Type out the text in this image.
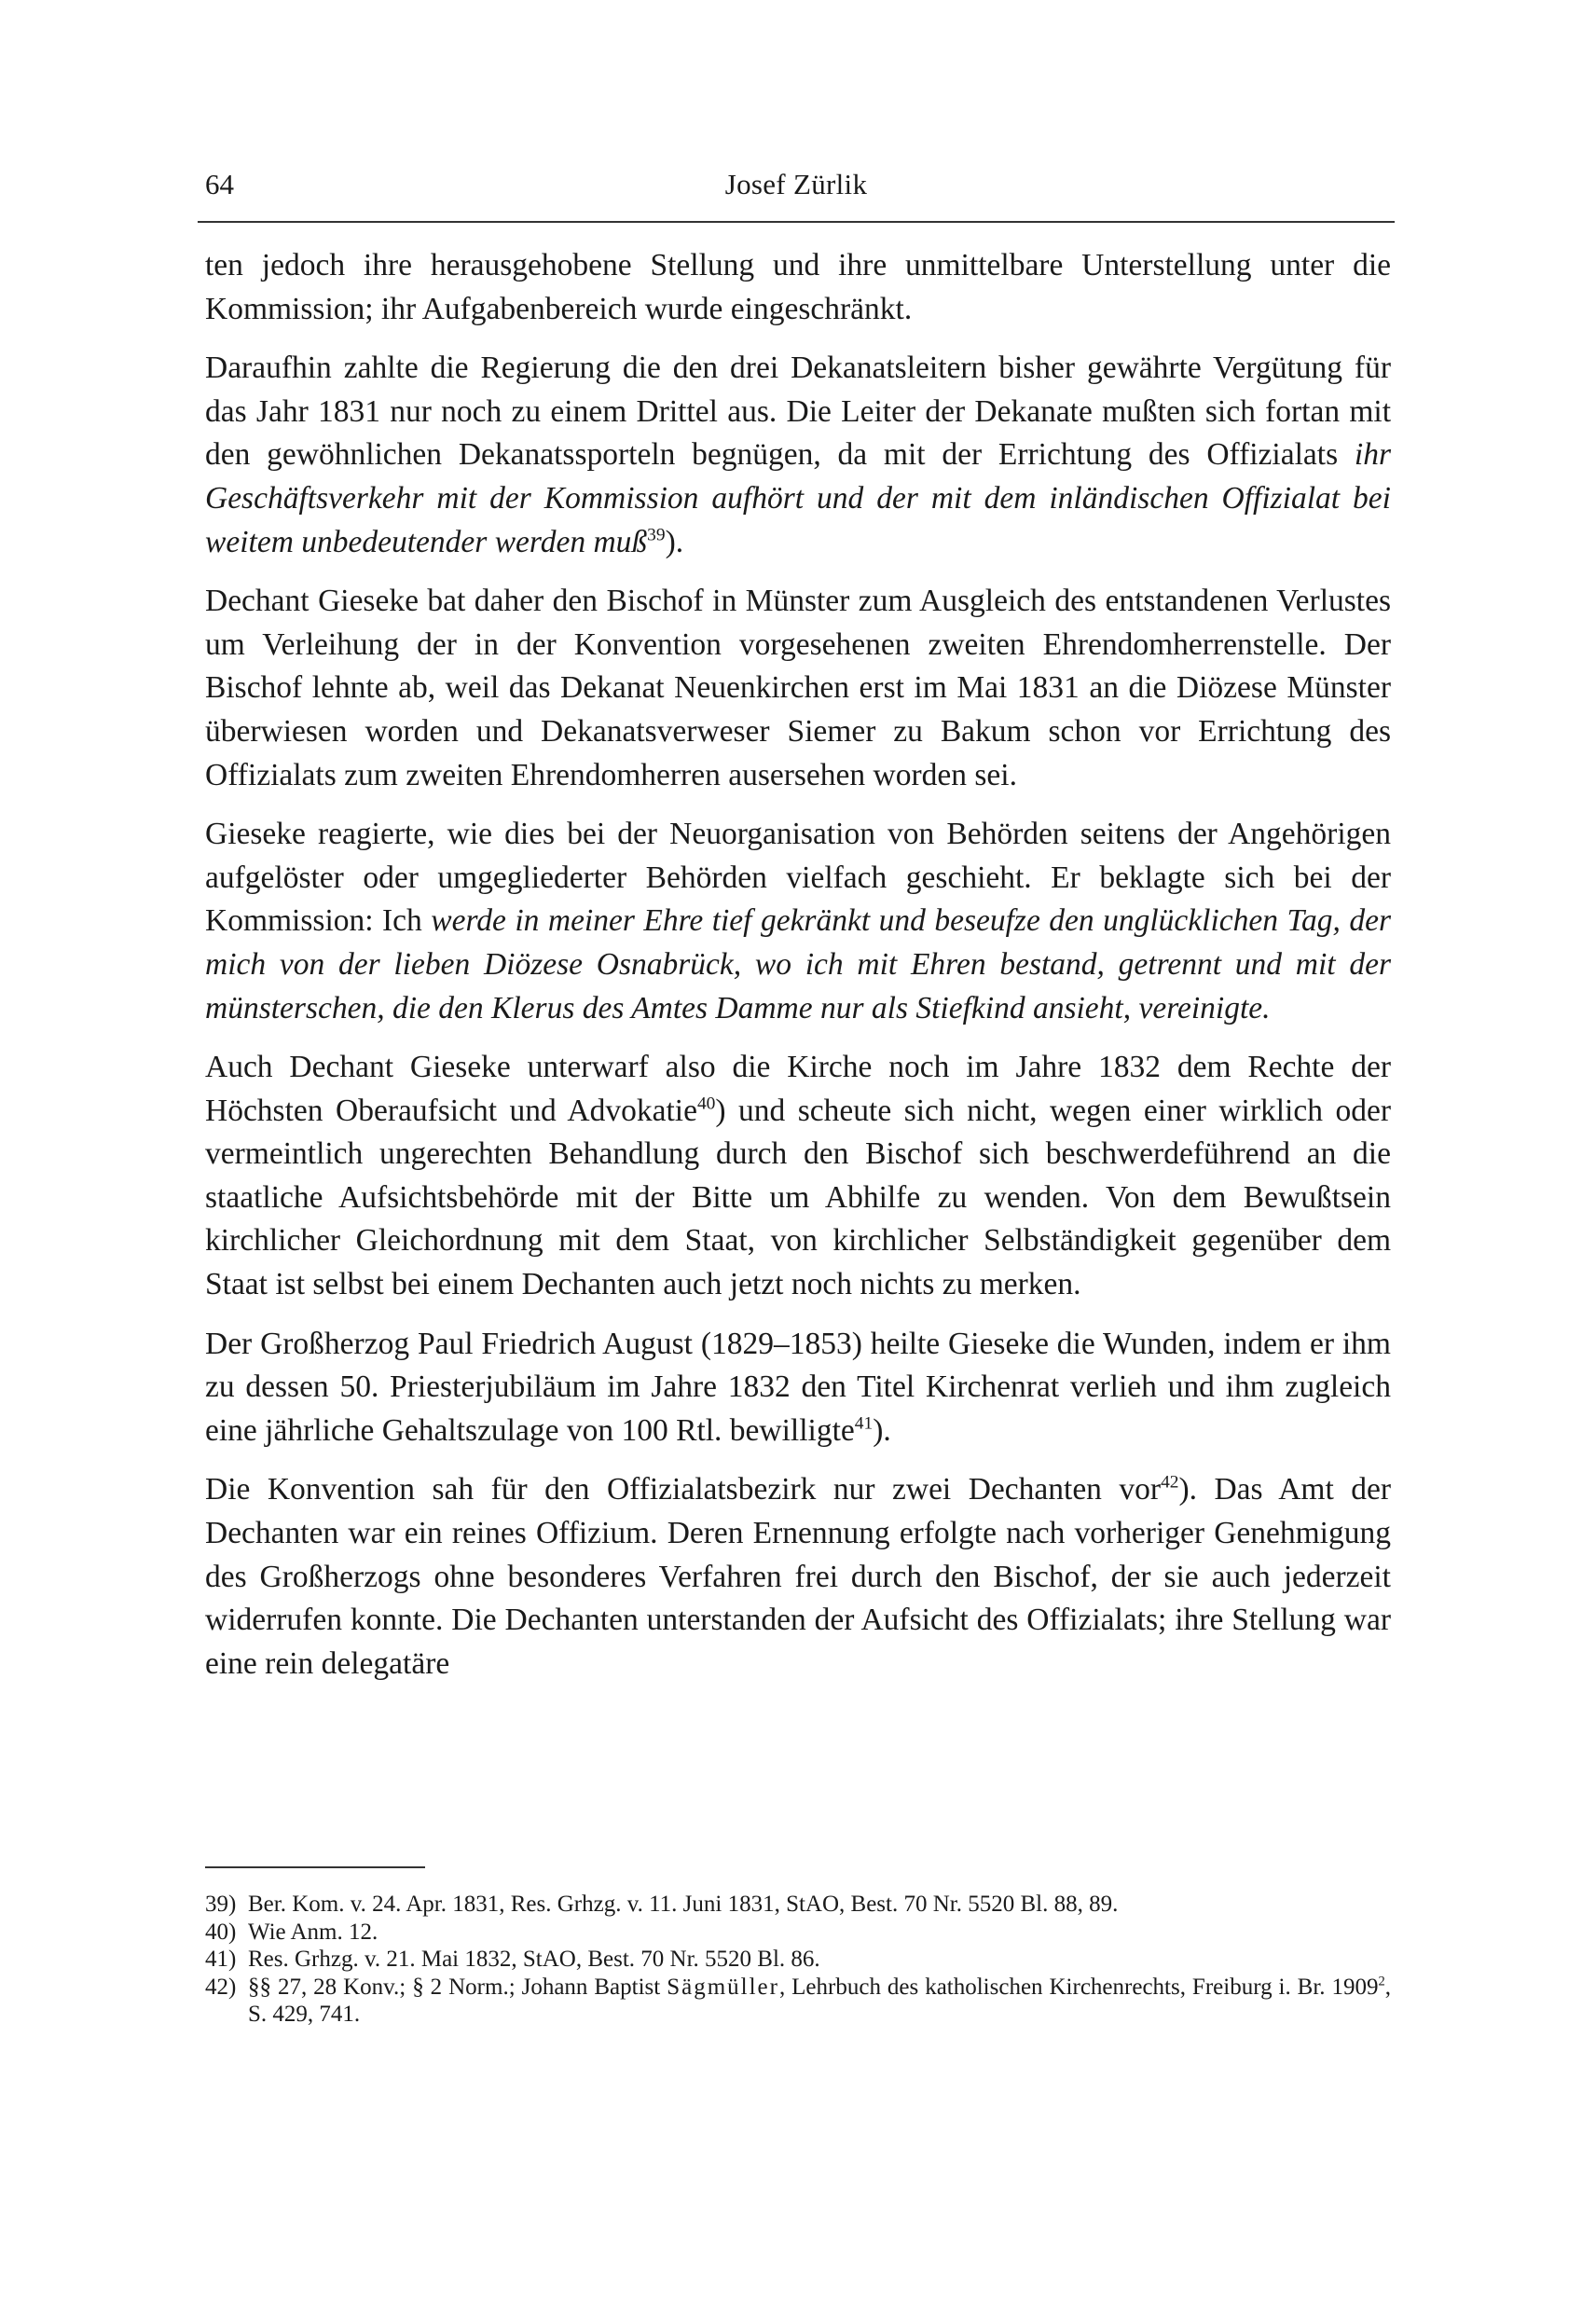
64	Josef Zürlik

ten jedoch ihre herausgehobene Stellung und ihre unmittelbare Unterstellung unter die Kommission; ihr Aufgabenbereich wurde eingeschränkt.

Daraufhin zahlte die Regierung die den drei Dekanatsleitern bisher gewährte Vergütung für das Jahr 1831 nur noch zu einem Drittel aus. Die Leiter der Dekanate mußten sich fortan mit den gewöhnlichen Dekanatssporteln begnügen, da mit der Errichtung des Offizialats ihr Geschäftsverkehr mit der Kommission aufhört und der mit dem inländischen Offizialat bei weitem unbedeutender werden muß$^{39}$).

Dechant Gieseke bat daher den Bischof in Münster zum Ausgleich des entstandenen Verlustes um Verleihung der in der Konvention vorgesehenen zweiten Ehrendomherrenstelle. Der Bischof lehnte ab, weil das Dekanat Neuenkirchen erst im Mai 1831 an die Diözese Münster überwiesen worden und Dekanatsverweser Siemer zu Bakum schon vor Errichtung des Offizialats zum zweiten Ehrendomherren ausersehen worden sei.

Gieseke reagierte, wie dies bei der Neuorganisation von Behörden seitens der Angehörigen aufgelöster oder umgegliederter Behörden vielfach geschieht. Er beklagte sich bei der Kommission: Ich werde in meiner Ehre tief gekränkt und beseufze den unglücklichen Tag, der mich von der lieben Diözese Osnabrück, wo ich mit Ehren bestand, getrennt und mit der münsterschen, die den Klerus des Amtes Damme nur als Stiefkind ansieht, vereinigte.

Auch Dechant Gieseke unterwarf also die Kirche noch im Jahre 1832 dem Rechte der Höchsten Oberaufsicht und Advokatie$^{40}$) und scheute sich nicht, wegen einer wirklich oder vermeintlich ungerechten Behandlung durch den Bischof sich beschwerdeführend an die staatliche Aufsichtsbehörde mit der Bitte um Abhilfe zu wenden. Von dem Bewußtsein kirchlicher Gleichordnung mit dem Staat, von kirchlicher Selbständigkeit gegenüber dem Staat ist selbst bei einem Dechanten auch jetzt noch nichts zu merken.

Der Großherzog Paul Friedrich August (1829–1853) heilte Gieseke die Wunden, indem er ihm zu dessen 50. Priesterjubiläum im Jahre 1832 den Titel Kirchenrat verlieh und ihm zugleich eine jährliche Gehaltszulage von 100 Rtl. bewilligte$^{41}$).

Die Konvention sah für den Offizialatsbezirk nur zwei Dechanten vor$^{42}$). Das Amt der Dechanten war ein reines Offizium. Deren Ernennung erfolgte nach vorheriger Genehmigung des Großherzogs ohne besonderes Verfahren frei durch den Bischof, der sie auch jederzeit widerrufen konnte. Die Dechanten unterstanden der Aufsicht des Offizialats; ihre Stellung war eine rein delegatäre

39) Ber. Kom. v. 24. Apr. 1831, Res. Grhzg. v. 11. Juni 1831, StAO, Best. 70 Nr. 5520 Bl. 88, 89.
40) Wie Anm. 12.
41) Res. Grhzg. v. 21. Mai 1832, StAO, Best. 70 Nr. 5520 Bl. 86.
42) §§ 27, 28 Konv.; § 2 Norm.; Johann Baptist Sägmüller, Lehrbuch des katholischen Kirchenrechts, Freiburg i. Br. 1909$^2$, S. 429, 741.
